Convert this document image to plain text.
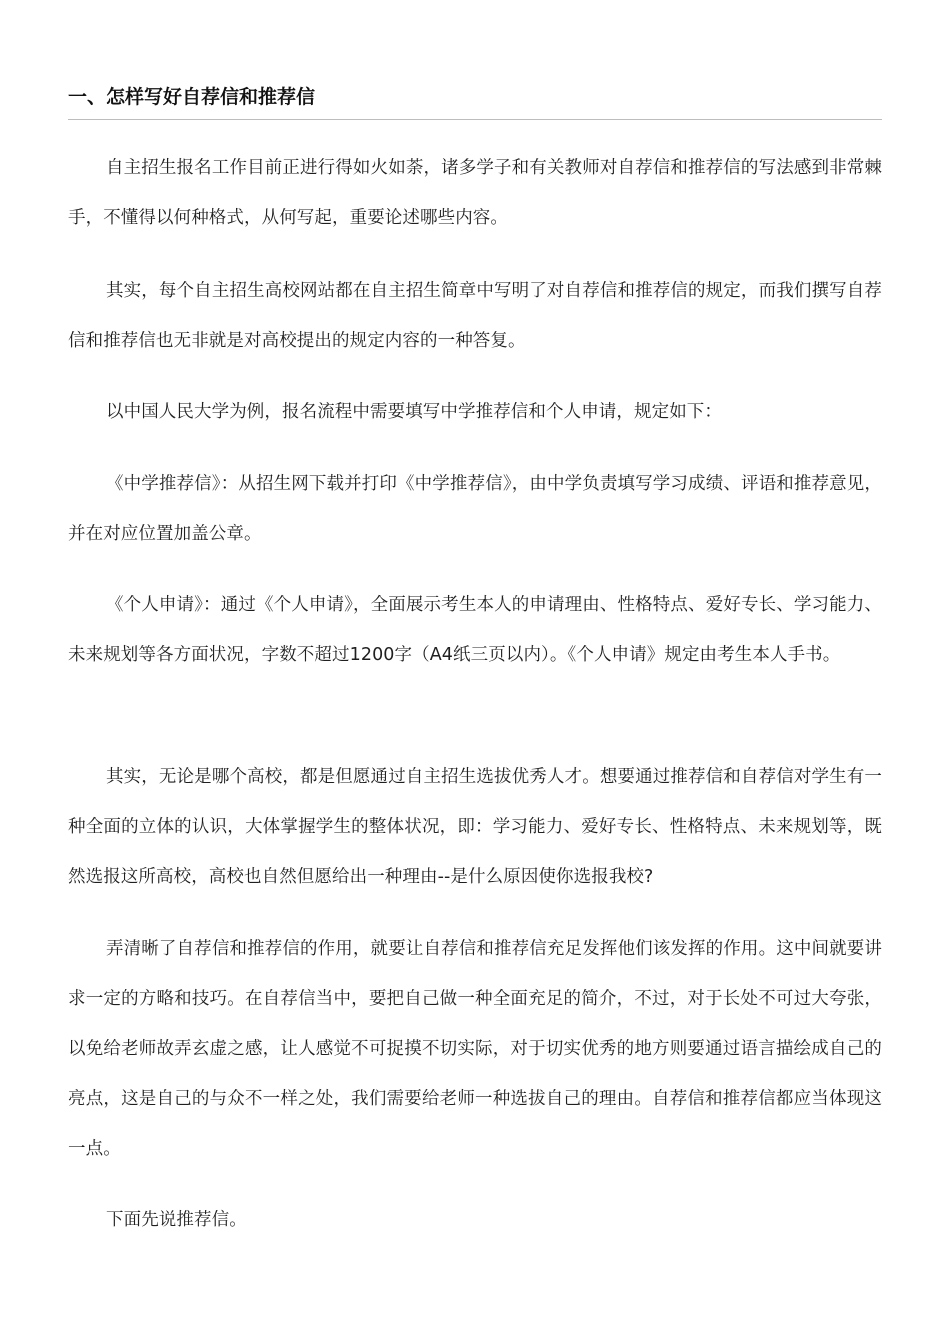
一、怎样写好自荐信和推荐信

自主招生报名工作目前正进行得如火如荼，诸多学子和有关教师对自荐信和推荐信的写法感到非常棘手，不懂得以何种格式，从何写起，重要论述哪些内容。

其实，每个自主招生高校网站都在自主招生简章中写明了对自荐信和推荐信的规定，而我们撰写自荐信和推荐信也无非就是对高校提出的规定内容的一种答复。

以中国人民大学为例，报名流程中需要填写中学推荐信和个人申请，规定如下：

《中学推荐信》：从招生网下载并打印《中学推荐信》，由中学负责填写学习成绩、评语和推荐意见，并在对应位置加盖公章。

《个人申请》：通过《个人申请》，全面展示考生本人的申请理由、性格特点、爱好专长、学习能力、未来规划等各方面状况，字数不超过1200字（A4纸三页以内）。《个人申请》规定由考生本人手书。

其实，无论是哪个高校，都是但愿通过自主招生选拔优秀人才。想要通过推荐信和自荐信对学生有一种全面的立体的认识，大体掌握学生的整体状况，即：学习能力、爱好专长、性格特点、未来规划等，既然选报这所高校，高校也自然但愿给出一种理由--是什么原因使你选报我校?

弄清晰了自荐信和推荐信的作用，就要让自荐信和推荐信充足发挥他们该发挥的作用。这中间就要讲求一定的方略和技巧。在自荐信当中，要把自己做一种全面充足的简介，不过，对于长处不可过大夸张，以免给老师故弄玄虚之感，让人感觉不可捉摸不切实际，对于切实优秀的地方则要通过语言描绘成自己的亮点，这是自己的与众不一样之处，我们需要给老师一种选拔自己的理由。自荐信和推荐信都应当体现这一点。

下面先说推荐信。
